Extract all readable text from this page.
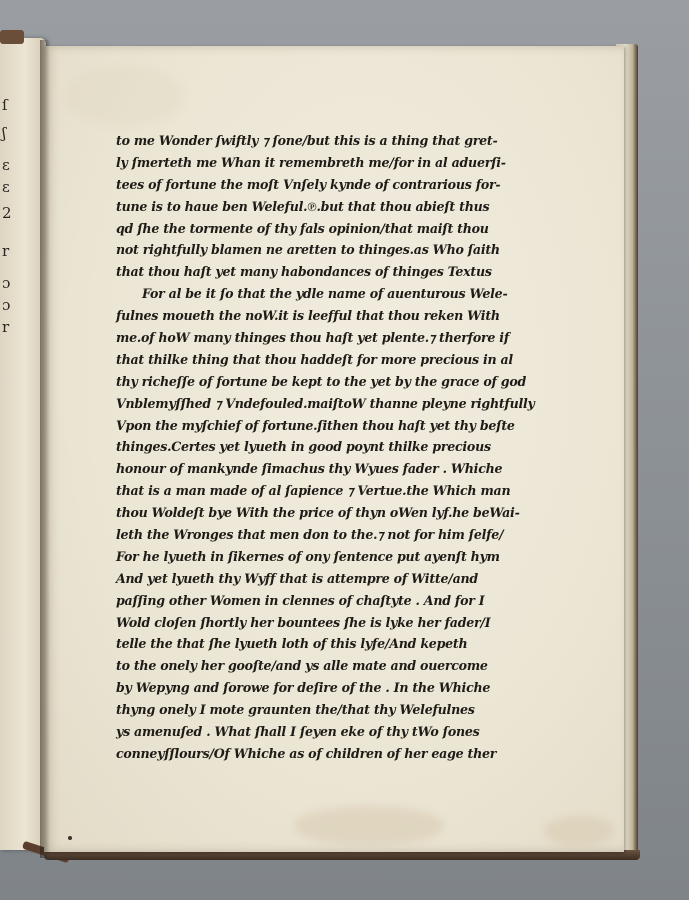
ſ
ʃ
ɛ
ɛ
2
r
ɔ
ɔ
r
to me Wonder ſwiftly ⁊ ſone/but this is a thing that gret-
ly ſmerteth me Whan it remembreth me/for in al aduerſi-
tees of fortune the moſt Vnſely kynde of contrarious for-
tune is to haue ben Weleful.℗.but that thou abieſt thus
qd ſhe the tormente of thy fals opinion/that maiſt thou
not rightfully blamen ne aretten to thinges.as Who ſaith
that thou haſt yet many habondances of thinges Textus
For al be it ſo that the ydle name of auenturous Wele-
fulnes moueth the noW.it is leefful that thou reken With
me.of hoW many thinges thou haſt yet plente.⁊ therfore if
that thilke thing that thou haddeſt for more precious in al
thy richeſſe of fortune be kept to the yet by the grace of god
Vnblemyſſhed ⁊ Vndefouled.maiſtoW thanne pleyne rightfully
Vpon the myſchief of fortune.ſithen thou haſt yet thy beſte
thinges.Certes yet lyueth in good poynt thilke precious
honour of mankynde ſimachus thy Wyues fader . Whiche
that is a man made of al ſapience ⁊ Vertue.the Which man
thou Woldeſt bye With the price of thyn oWen lyf.he beWai-
leth the Wronges that men don to the.⁊ not for him ſelfe/
For he lyueth in ſikernes of ony ſentence put ayenſt hym
And yet lyueth thy Wyff that is attempre of Witte/and
paſſing other Women in clennes of chaſtyte . And for I
Wold cloſen ſhortly her bountees ſhe is lyke her fader/I
telle the that ſhe lyueth loth of this lyfe/And kepeth
to the onely her gooſte/and ys alle mate and ouercome
by Wepyng and ſorowe for deſire of the . In the Whiche
thyng onely I mote graunten the/that thy Welefulnes
ys amenuſed . What ſhall I ſeyen eke of thy tWo ſones
conneyſſlours/Of Whiche as of children of her eage ther
